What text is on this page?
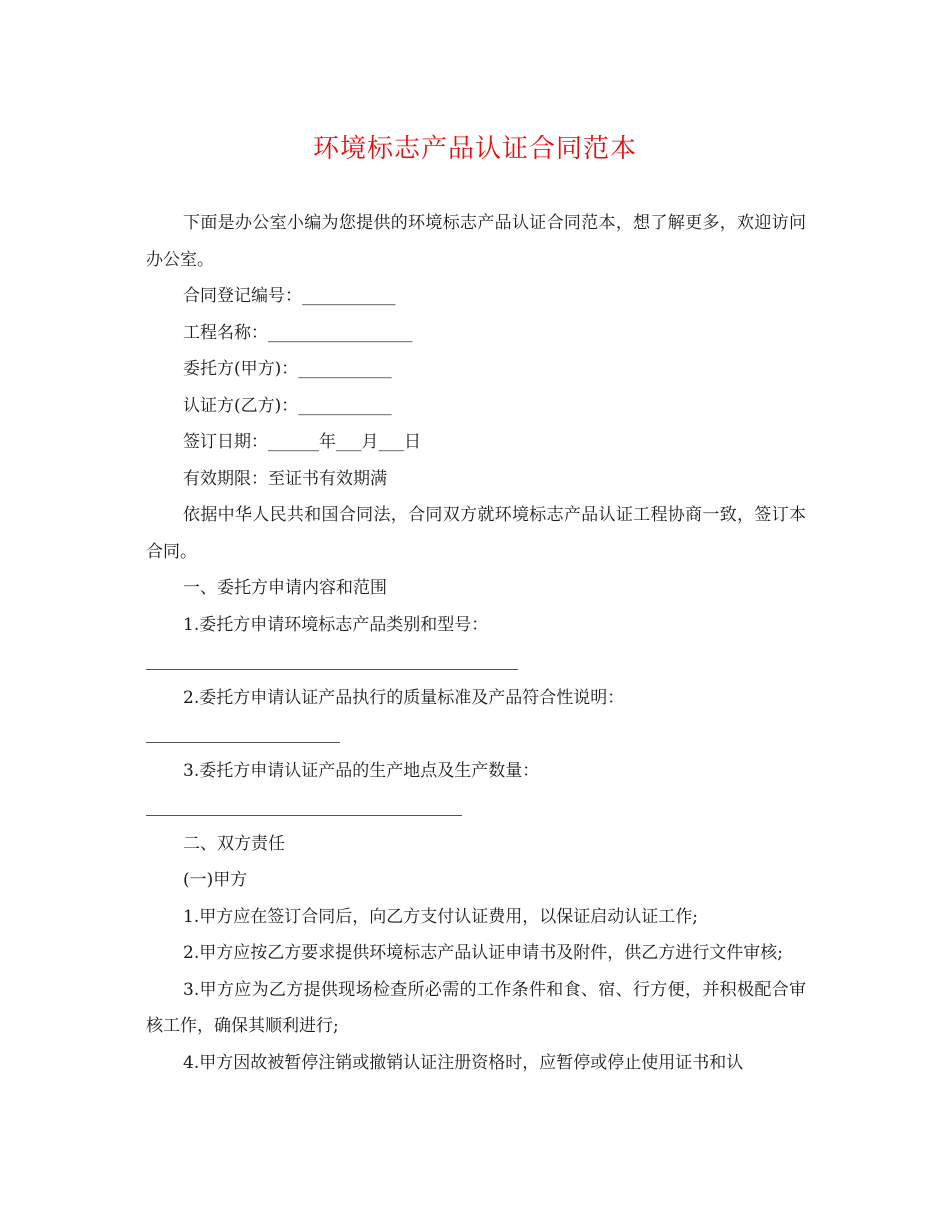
环境标志产品认证合同范本

下面是办公室小编为您提供的环境标志产品认证合同范本，想了解更多，欢迎访问办公室。

合同登记编号：___________

工程名称：_________________

委托方(甲方)：___________

认证方(乙方)：___________

签订日期：______年___月___日

有效期限：至证书有效期满

依据中华人民共和国合同法，合同双方就环境标志产品认证工程协商一致，签订本合同。

一、委托方申请内容和范围

1.委托方申请环境标志产品类别和型号：

2.委托方申请认证产品执行的质量标准及产品符合性说明：

3.委托方申请认证产品的生产地点及生产数量：

二、双方责任

(一)甲方

1.甲方应在签订合同后，向乙方支付认证费用，以保证启动认证工作;

2.甲方应按乙方要求提供环境标志产品认证申请书及附件，供乙方进行文件审核;

3.甲方应为乙方提供现场检查所必需的工作条件和食、宿、行方便，并积极配合审核工作，确保其顺利进行;

4.甲方因故被暂停注销或撤销认证注册资格时，应暂停或停止使用证书和认
